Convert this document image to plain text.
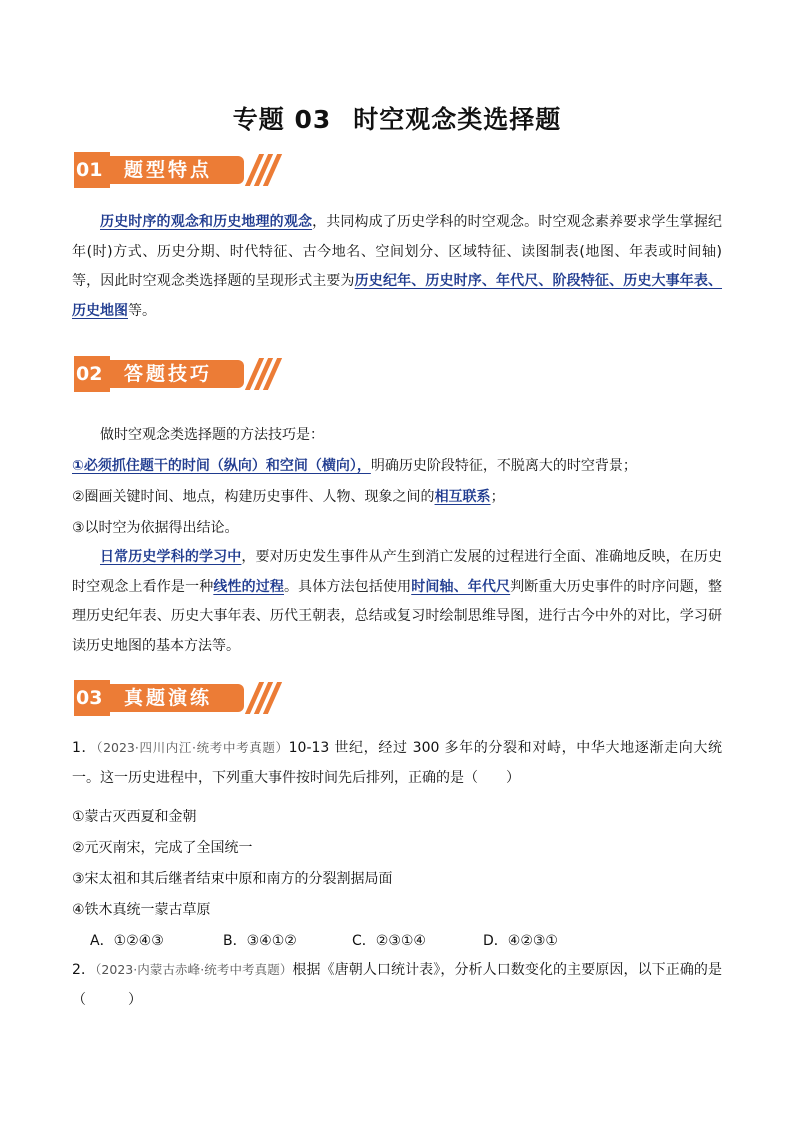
专题 03 时空观念类选择题
01	题型特点
历史时序的观念和历史地理的观念，共同构成了历史学科的时空观念。时空观念素养要求学生掌握纪年(时)方式、历史分期、时代特征、古今地名、空间划分、区域特征、读图制表(地图、年表或时间轴)等，因此时空观念类选择题的呈现形式主要为历史纪年、历史时序、年代尺、阶段特征、历史大事年表、历史地图等。
02	答题技巧
做时空观念类选择题的方法技巧是：
①必须抓住题干的时间（纵向）和空间（横向），明确历史阶段特征，不脱离大的时空背景；
②圈画关键时间、地点，构建历史事件、人物、现象之间的相互联系；
③以时空为依据得出结论。
日常历史学科的学习中，要对历史发生事件从产生到消亡发展的过程进行全面、准确地反映，在历史时空观念上看作是一种线性的过程。具体方法包括使用时间轴、年代尺判断重大历史事件的时序问题，整理历史纪年表、历史大事年表、历代王朝表，总结或复习时绘制思维导图，进行古今中外的对比，学习研读历史地图的基本方法等。
03	真题演练
1．（2023·四川内江·统考中考真题）10-13 世纪，经过 300 多年的分裂和对峙，中华大地逐渐走向大统一。这一历史进程中，下列重大事件按时间先后排列，正确的是（　　）
①蒙古灭西夏和金朝
②元灭南宋，完成了全国统一
③宋太祖和其后继者结束中原和南方的分裂割据局面
④铁木真统一蒙古草原
A．①②④③	B．③④①②	C．②③①④	D．④②③①
2．（2023·内蒙古赤峰·统考中考真题）根据《唐朝人口统计表》，分析人口数变化的主要原因，以下正确的是（　　　）
